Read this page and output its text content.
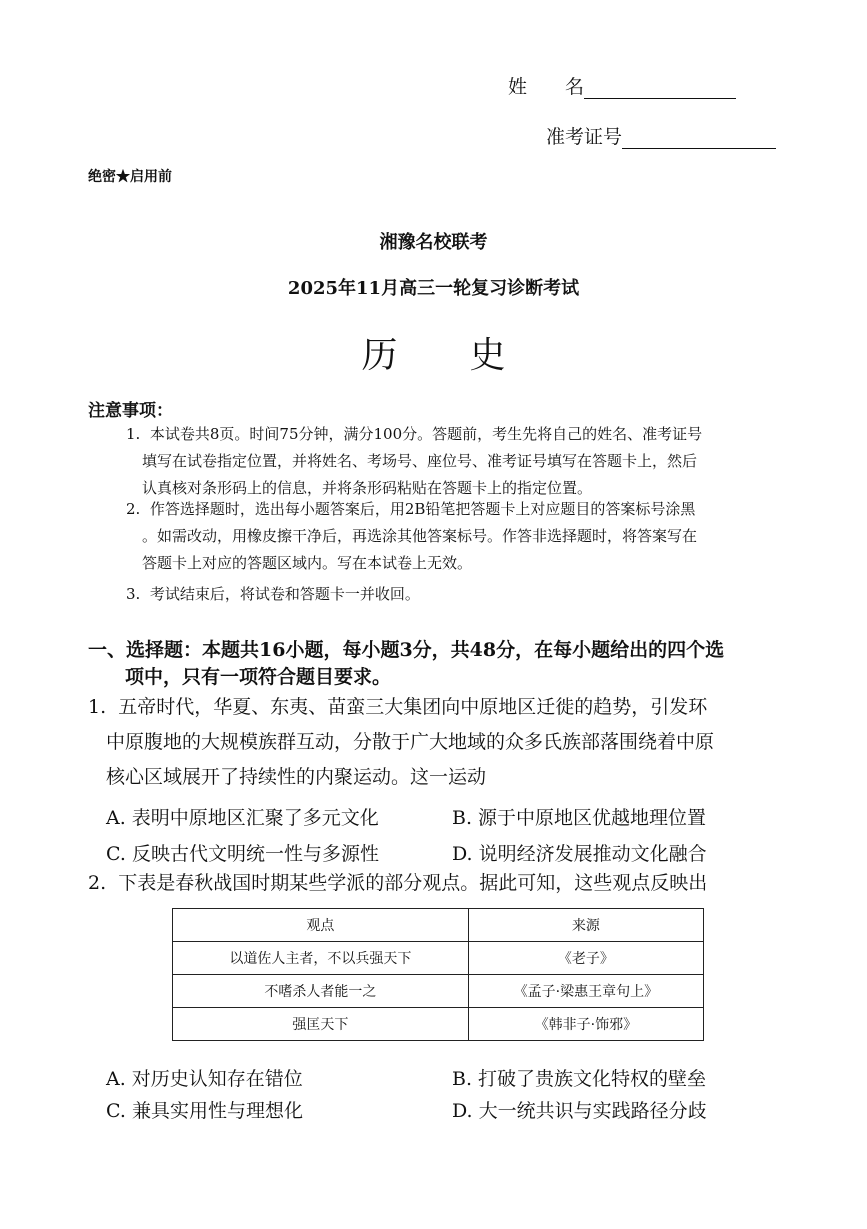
姓　　名
准考证号
绝密★启用前
湘豫名校联考
2025年11月高三一轮复习诊断考试
历　　史
注意事项：
1. 本试卷共8页。时间75分钟，满分100分。答题前，考生先将自己的姓名、准考证号
填写在试卷指定位置，并将姓名、考场号、座位号、准考证号填写在答题卡上，然后
认真核对条形码上的信息，并将条形码粘贴在答题卡上的指定位置。
2. 作答选择题时，选出每小题答案后，用2B铅笔把答题卡上对应题目的答案标号涂黑
。如需改动，用橡皮擦干净后，再选涂其他答案标号。作答非选择题时，将答案写在
答题卡上对应的答题区域内。写在本试卷上无效。
3. 考试结束后，将试卷和答题卡一并收回。
一、选择题：本题共16小题，每小题3分，共48分，在每小题给出的四个选
项中，只有一项符合题目要求。
1. 五帝时代，华夏、东夷、苗蛮三大集团向中原地区迁徙的趋势，引发环
中原腹地的大规模族群互动，分散于广大地域的众多氏族部落围绕着中原
核心区域展开了持续性的内聚运动。这一运动
A. 表明中原地区汇聚了多元文化	B. 源于中原地区优越地理位置
C. 反映古代文明统一性与多源性	D. 说明经济发展推动文化融合
2. 下表是春秋战国时期某些学派的部分观点。据此可知，这些观点反映出
观点	来源
以道佐人主者，不以兵强天下	《老子》
不嗜杀人者能一之	《孟子·梁惠王章句上》
强匡天下	《韩非子·饰邪》
A. 对历史认知存在错位	B. 打破了贵族文化特权的壁垒
C. 兼具实用性与理想化	D. 大一统共识与实践路径分歧
